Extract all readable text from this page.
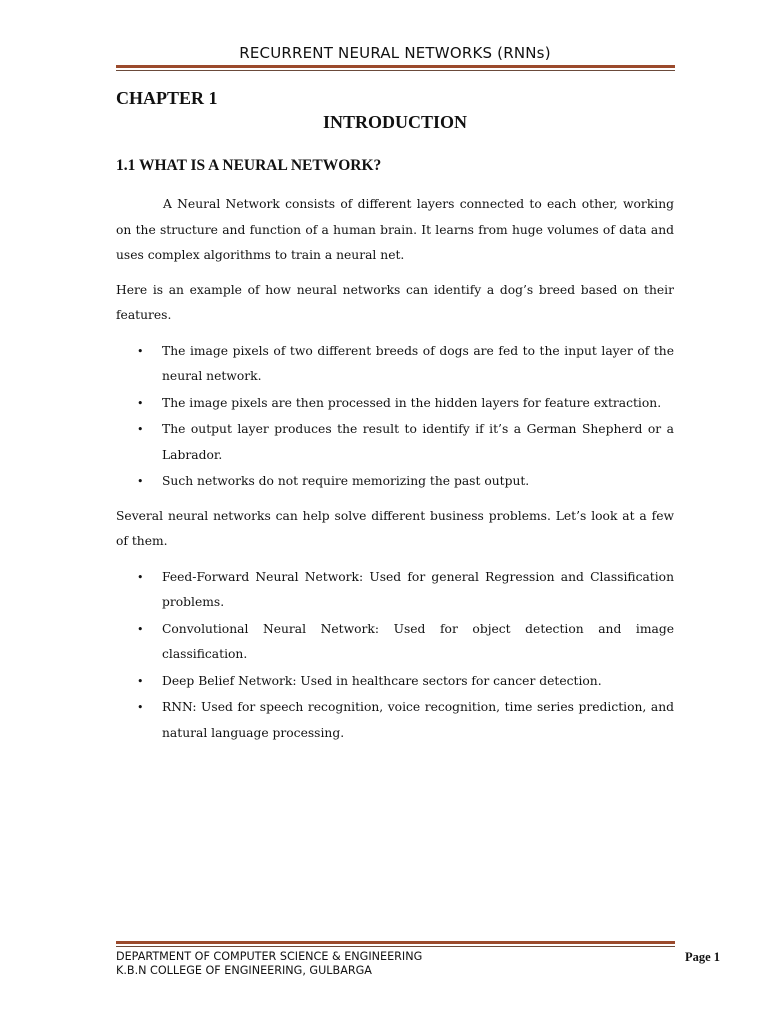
RECURRENT NEURAL NETWORKS (RNNs)
CHAPTER 1
INTRODUCTION
1.1 WHAT IS A NEURAL NETWORK?

A Neural Network consists of different layers connected to each other, working on the structure and function of a human brain. It learns from huge volumes of data and uses complex algorithms to train a neural net.

Here is an example of how neural networks can identify a dog’s breed based on their features.

• The image pixels of two different breeds of dogs are fed to the input layer of the neural network.
• The image pixels are then processed in the hidden layers for feature extraction.
• The output layer produces the result to identify if it’s a German Shepherd or a Labrador.
• Such networks do not require memorizing the past output.

Several neural networks can help solve different business problems. Let’s look at a few of them.

• Feed-Forward Neural Network: Used for general Regression and Classification problems.
• Convolutional Neural Network: Used for object detection and image classification.
• Deep Belief Network: Used in healthcare sectors for cancer detection.
• RNN: Used for speech recognition, voice recognition, time series prediction, and natural language processing.
DEPARTMENT OF COMPUTER SCIENCE & ENGINEERING
K.B.N COLLEGE OF ENGINEERING, GULBARGA
Page 1
